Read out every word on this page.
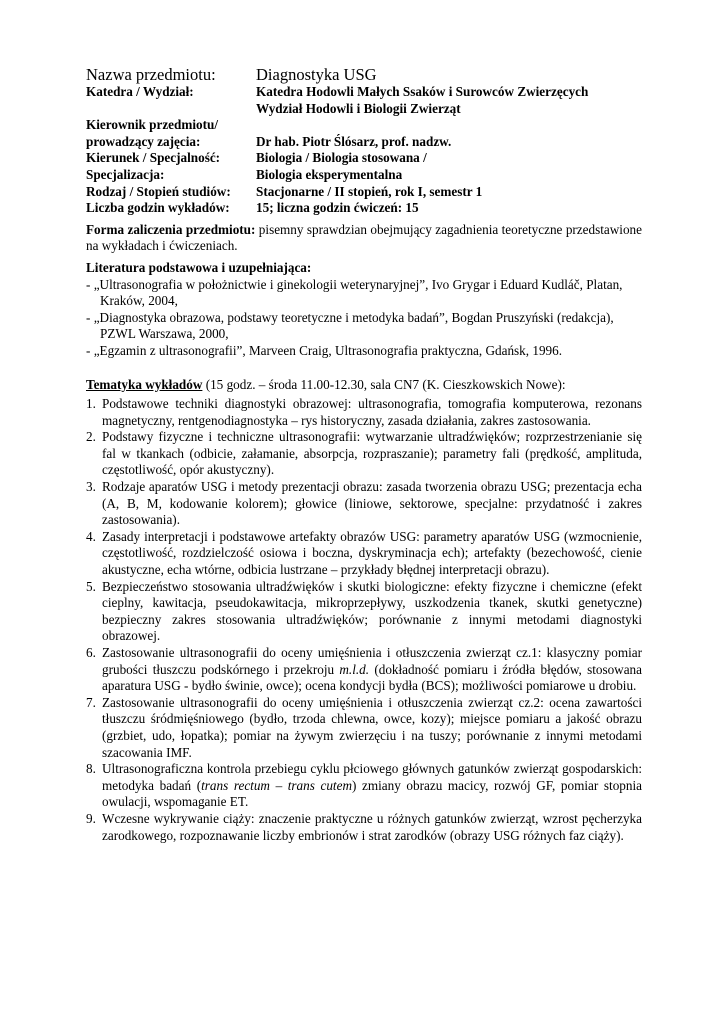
Nazwa przedmiotu:	Diagnostyka USG
Katedra / Wydział:	Katedra Hodowli Małych Ssaków i Surowców Zwierzęcych

Wydział Hodowli i Biologii Zwierząt
Kierownik przedmiotu/

prowadzący zajęcia:	Dr hab. Piotr Ślósarz, prof. nadzw.
Kierunek / Specjalność:	Biologia / Biologia stosowana /
Specjalizacja:	Biologia eksperymentalna
Rodzaj / Stopień studiów:	Stacjonarne / II stopień, rok I, semestr 1
Liczba godzin wykładów:	15; liczna godzin ćwiczeń: 15
Forma zaliczenia przedmiotu: pisemny sprawdzian obejmujący zagadnienia teoretyczne przedstawione na wykładach i ćwiczeniach.
Literatura podstawowa i uzupełniająca:
- „Ultrasonografia w położnictwie i ginekologii weterynaryjnej”, Ivo Grygar i Eduard Kudláč, Platan, Kraków, 2004,
- „Diagnostyka obrazowa, podstawy teoretyczne i metodyka badań”, Bogdan Pruszyński (redakcja), PZWL Warszawa, 2000,
- „Egzamin z ultrasonografii”, Marveen Craig, Ultrasonografia praktyczna, Gdańsk, 1996.
Tematyka wykładów (15 godz. – środa 11.00-12.30, sala CN7 (K. Cieszkowskich Nowe):
1. Podstawowe techniki diagnostyki obrazowej: ultrasonografia, tomografia komputerowa, rezonans magnetyczny, rentgenodiagnostyka – rys historyczny, zasada działania, zakres zastosowania.
2. Podstawy fizyczne i techniczne ultrasonografii: wytwarzanie ultradźwięków; rozprzestrzenianie się fal w tkankach (odbicie, załamanie, absorpcja, rozpraszanie); parametry fali (prędkość, amplituda, częstotliwość, opór akustyczny).
3. Rodzaje aparatów USG i metody prezentacji obrazu: zasada tworzenia obrazu USG; prezentacja echa (A, B, M, kodowanie kolorem); głowice (liniowe, sektorowe, specjalne: przydatność i zakres zastosowania).
4. Zasady interpretacji i podstawowe artefakty obrazów USG: parametry aparatów USG (wzmocnienie, częstotliwość, rozdzielczość osiowa i boczna, dyskryminacja ech); artefakty (bezechowość, cienie akustyczne, echa wtórne, odbicia lustrzane – przykłady błędnej interpretacji obrazu).
5. Bezpieczeństwo stosowania ultradźwięków i skutki biologiczne: efekty fizyczne i chemiczne (efekt cieplny, kawitacja, pseudokawitacja, mikroprzepływy, uszkodzenia tkanek, skutki genetyczne) bezpieczny zakres stosowania ultradźwięków; porównanie z innymi metodami diagnostyki obrazowej.
6. Zastosowanie ultrasonografii do oceny umięśnienia i otłuszczenia zwierząt cz.1: klasyczny pomiar grubości tłuszczu podskórnego i przekroju m.l.d. (dokładność pomiaru i źródła błędów, stosowana aparatura USG - bydło świnie, owce); ocena kondycji bydła (BCS); możliwości pomiarowe u drobiu.
7. Zastosowanie ultrasonografii do oceny umięśnienia i otłuszczenia zwierząt cz.2: ocena zawartości tłuszczu śródmięśniowego (bydło, trzoda chlewna, owce, kozy); miejsce pomiaru a jakość obrazu (grzbiet, udo, łopatka); pomiar na żywym zwierzęciu i na tuszy; porównanie z innymi metodami szacowania IMF.
8. Ultrasonograficzna kontrola przebiegu cyklu płciowego głównych gatunków zwierząt gospodarskich: metodyka badań (trans rectum – trans cutem) zmiany obrazu macicy, rozwój GF, pomiar stopnia owulacji, wspomaganie ET.
9. Wczesne wykrywanie ciąży: znaczenie praktyczne u różnych gatunków zwierząt, wzrost pęcherzyka zarodkowego, rozpoznawanie liczby embrionów i strat zarodków (obrazy USG różnych faz ciąży).
